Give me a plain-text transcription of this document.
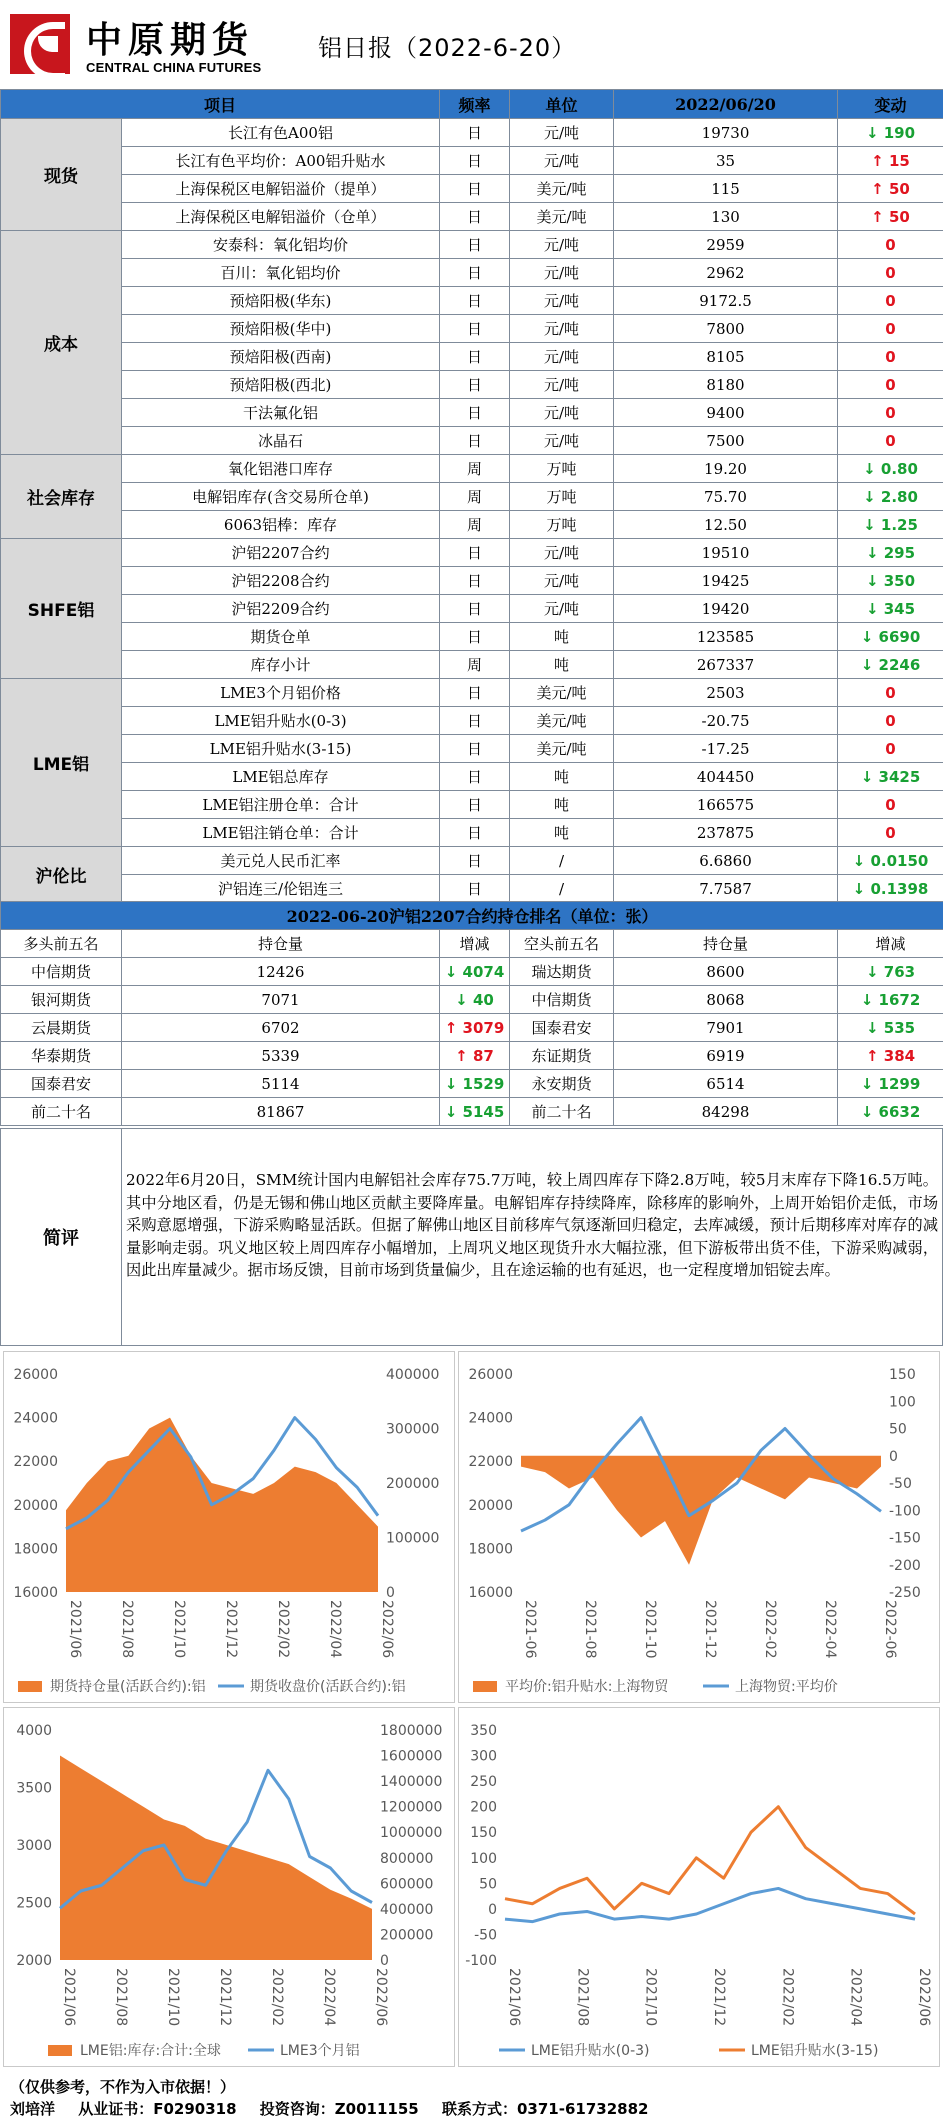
中原期货
CENTRAL CHINA FUTURES
铝日报（2022-6-20）
项目		频率	单位	2022/06/20	变动
现货	长江有色A00铝	日	元/吨	19730	↓ 190
	长江有色平均价：A00铝升贴水	日	元/吨	35	↑ 15
	上海保税区电解铝溢价（提单）	日	美元/吨	115	↑ 50
	上海保税区电解铝溢价（仓单）	日	美元/吨	130	↑ 50
成本	安泰科：氧化铝均价	日	元/吨	2959	0
	百川：氧化铝均价	日	元/吨	2962	0
	预焙阳极(华东)	日	元/吨	9172.5	0
	预焙阳极(华中)	日	元/吨	7800	0
	预焙阳极(西南)	日	元/吨	8105	0
	预焙阳极(西北)	日	元/吨	8180	0
	干法氟化铝	日	元/吨	9400	0
	冰晶石	日	元/吨	7500	0
社会库存	氧化铝港口库存	周	万吨	19.20	↓ 0.80
	电解铝库存(含交易所仓单)	周	万吨	75.70	↓ 2.80
	6063铝棒：库存	周	万吨	12.50	↓ 1.25
SHFE铝	沪铝2207合约	日	元/吨	19510	↓ 295
	沪铝2208合约	日	元/吨	19425	↓ 350
	沪铝2209合约	日	元/吨	19420	↓ 345
	期货仓单	日	吨	123585	↓ 6690
	库存小计	周	吨	267337	↓ 2246
LME铝	LME3个月铝价格	日	美元/吨	2503	0
	LME铝升贴水(0-3)	日	美元/吨	-20.75	0
	LME铝升贴水(3-15)	日	美元/吨	-17.25	0
	LME铝总库存	日	吨	404450	↓ 3425
	LME铝注册仓单：合计	日	吨	166575	0
	LME铝注销仓单：合计	日	吨	237875	0
沪伦比	美元兑人民币汇率	日	/	6.6860	↓ 0.0150
	沪铝连三/伦铝连三	日	/	7.7587	↓ 0.1398
2022-06-20沪铝2207合约持仓排名（单位：张）					
多头前五名	持仓量	增减	空头前五名	持仓量	增减
中信期货	12426	↓ 4074	瑞达期货	8600	↓ 763
银河期货	7071	↓ 40	中信期货	8068	↓ 1672
云晨期货	6702	↑ 3079	国泰君安	7901	↓ 535
华泰期货	5339	↑ 87	东证期货	6919	↑ 384
国泰君安	5114	↓ 1529	永安期货	6514	↓ 1299
前二十名	81867	↓ 5145	前二十名	84298	↓ 6632
简评
2022年6月20日，SMM统计国内电解铝社会库存75.7万吨，较上周四库存下降2.8万吨，较5月末库存下降16.5万吨。其中分地区看，仍是无锡和佛山地区贡献主要降库量。电解铝库存持续降库，除移库的影响外，上周开始铝价走低，市场采购意愿增强，下游采购略显活跃。但据了解佛山地区目前移库气氛逐渐回归稳定，去库减缓，预计后期移库对库存的减量影响走弱。巩义地区较上周四库存小幅增加，上周巩义地区现货升水大幅拉涨，但下游板带出货不佳，下游采购减弱，因此出库量减少。据市场反馈，目前市场到货量偏少，且在途运输的也有延迟，也一定程度增加铝锭去库。
26000
24000
22000
20000
18000
16000
400000
300000
200000
100000
0
2021/06	2021/08	2021/10	2021/12	2022/02	2022/04	2022/06
期货持仓量(活跃合约):铝	期货收盘价(活跃合约):铝
26000
24000
22000
20000
18000
16000
150
100
50
0
-50
-100
-150
-200
-250
2021-06	2021-08	2021-10	2021-12	2022-02	2022-04	2022-06
平均价:铝升贴水:上海物贸	上海物贸:平均价
4000
3500
3000
2500
2000
1800000
1600000
1400000
1200000
1000000
800000
600000
400000
200000
0
2021/06	2021/08	2021/10	2021/12	2022/02	2022/04	2022/06
LME铝:库存:合计:全球	LME3个月铝
350
300
250
200
150
100
50
0
-50
-100
2021/06	2021/08	2021/10	2021/12	2022/02	2022/04	2022/06
LME铝升贴水(0-3)	LME铝升贴水(3-15)
（仅供参考，不作为入市依据！）
刘培洋 从业证书：F0290318 投资咨询：Z0011155 联系方式：0371-61732882
